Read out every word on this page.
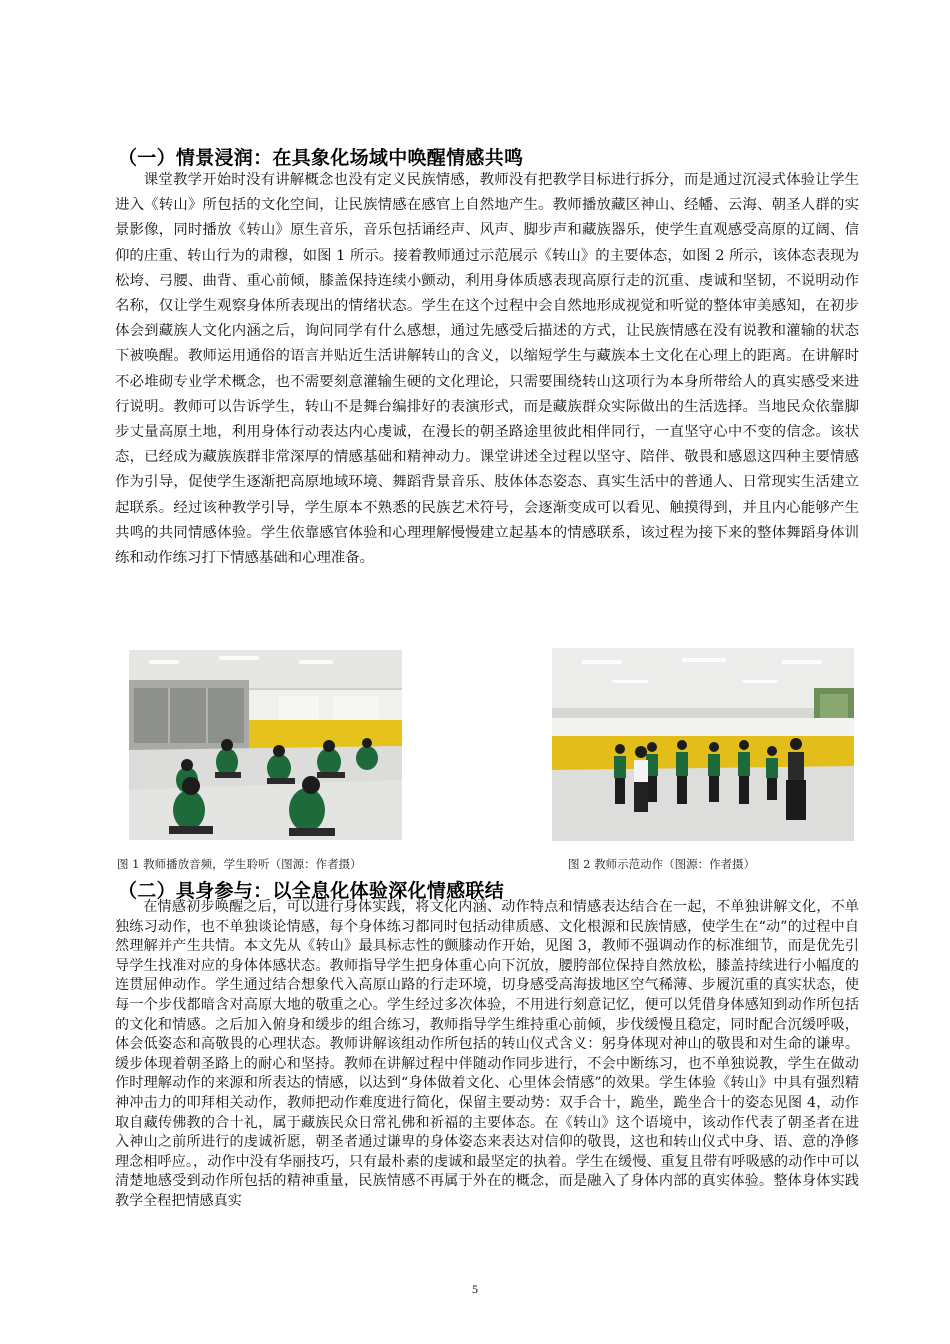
（一）情景浸润：在具象化场域中唤醒情感共鸣

课堂教学开始时没有讲解概念也没有定义民族情感，教师没有把教学目标进行拆分，而是通过沉浸式体验让学生进入《转山》所包括的文化空间，让民族情感在感官上自然地产生。教师播放藏区神山、经幡、云海、朝圣人群的实景影像，同时播放《转山》原生音乐，音乐包括诵经声、风声、脚步声和藏族器乐，使学生直观感受高原的辽阔、信仰的庄重、转山行为的肃穆，如图 1 所示。接着教师通过示范展示《转山》的主要体态，如图 2 所示，该体态表现为松垮、弓腰、曲背、重心前倾，膝盖保持连续小颤动，利用身体质感表现高原行走的沉重、虔诚和坚韧，不说明动作名称，仅让学生观察身体所表现出的情绪状态。学生在这个过程中会自然地形成视觉和听觉的整体审美感知，在初步体会到藏族人文化内涵之后，询问同学有什么感想，通过先感受后描述的方式，让民族情感在没有说教和灌输的状态下被唤醒。教师运用通俗的语言并贴近生活讲解转山的含义，以缩短学生与藏族本土文化在心理上的距离。在讲解时不必堆砌专业学术概念，也不需要刻意灌输生硬的文化理论，只需要围绕转山这项行为本身所带给人的真实感受来进行说明。教师可以告诉学生，转山不是舞台编排好的表演形式，而是藏族群众实际做出的生活选择。当地民众依靠脚步丈量高原土地，利用身体行动表达内心虔诚，在漫长的朝圣路途里彼此相伴同行，一直坚守心中不变的信念。该状态，已经成为藏族族群非常深厚的情感基础和精神动力。课堂讲述全过程以坚守、陪伴、敬畏和感恩这四种主要情感作为引导，促使学生逐渐把高原地域环境、舞蹈背景音乐、肢体体态姿态、真实生活中的普通人、日常现实生活建立起联系。经过该种教学引导，学生原本不熟悉的民族艺术符号，会逐渐变成可以看见、触摸得到，并且内心能够产生共鸣的共同情感体验。学生依靠感官体验和心理理解慢慢建立起基本的情感联系，该过程为接下来的整体舞蹈身体训练和动作练习打下情感基础和心理准备。

图 1 教师播放音频，学生聆听（图源：作者摄）	图 2 教师示范动作（图源：作者摄）
（二）具身参与：以全息化体验深化情感联结

在情感初步唤醒之后，可以进行身体实践，将文化内涵、动作特点和情感表达结合在一起，不单独讲解文化，不单独练习动作，也不单独谈论情感，每个身体练习都同时包括动律质感、文化根源和民族情感，使学生在“动”的过程中自然理解并产生共情。本文先从《转山》最具标志性的颤膝动作开始，见图 3，教师不强调动作的标准细节，而是优先引导学生找准对应的身体体感状态。教师指导学生把身体重心向下沉放，腰胯部位保持自然放松，膝盖持续进行小幅度的连贯屈伸动作。学生通过结合想象代入高原山路的行走环境，切身感受高海拔地区空气稀薄、步履沉重的真实状态，使每一个步伐都暗含对高原大地的敬重之心。学生经过多次体验，不用进行刻意记忆，便可以凭借身体感知到动作所包括的文化和情感。之后加入俯身和缓步的组合练习，教师指导学生维持重心前倾，步伐缓慢且稳定，同时配合沉缓呼吸，体会低姿态和高敬畏的心理状态。教师讲解该组动作所包括的转山仪式含义：躬身体现对神山的敬畏和对生命的谦卑。缓步体现着朝圣路上的耐心和坚持。教师在讲解过程中伴随动作同步进行，不会中断练习，也不单独说教，学生在做动作时理解动作的来源和所表达的情感，以达到“身体做着文化、心里体会情感”的效果。学生体验《转山》中具有强烈精神冲击力的叩拜相关动作，教师把动作难度进行简化，保留主要动势：双手合十，跪坐，跪坐合十的姿态见图 4，动作取自藏传佛教的合十礼，属于藏族民众日常礼佛和祈福的主要体态。在《转山》这个语境中，该动作代表了朝圣者在进入神山之前所进行的虔诚祈愿，朝圣者通过谦卑的身体姿态来表达对信仰的敬畏，这也和转山仪式中身、语、意的净修理念相呼应。，动作中没有华丽技巧，只有最朴素的虔诚和最坚定的执着。学生在缓慢、重复且带有呼吸感的动作中可以清楚地感受到动作所包括的精神重量，民族情感不再属于外在的概念，而是融入了身体内部的真实体验。整体身体实践教学全程把情感真实

5
